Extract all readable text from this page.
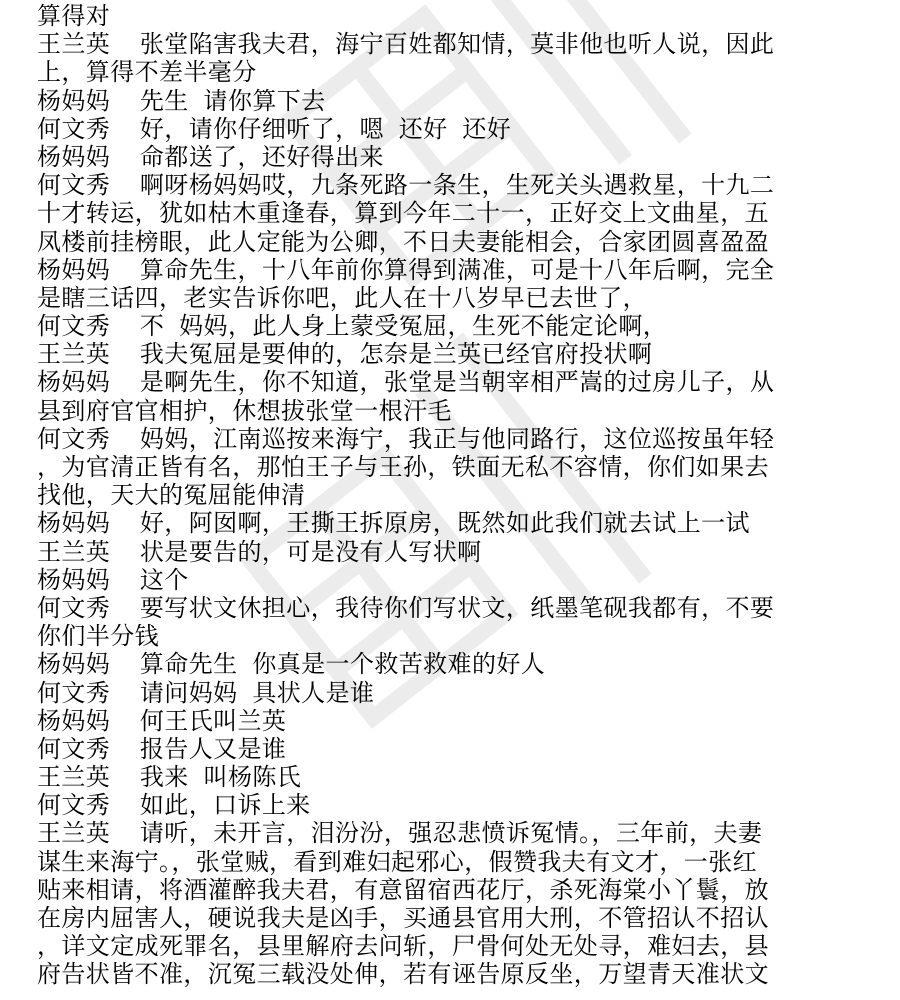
算得对
王兰英  张堂陷害我夫君，海宁百姓都知情，莫非他也听人说，因此
上，算得不差半毫分
杨妈妈  先生 请你算下去
何文秀  好，请你仔细听了，嗯 还好 还好
杨妈妈  命都送了，还好得出来
何文秀  啊呀杨妈妈哎，九条死路一条生，生死关头遇救星，十九二
十才转运，犹如枯木重逢春，算到今年二十一，正好交上文曲星，五
凤楼前挂榜眼，此人定能为公卿，不日夫妻能相会，合家团圆喜盈盈
杨妈妈  算命先生，十八年前你算得到满准，可是十八年后啊，完全
是瞎三话四，老实告诉你吧，此人在十八岁早已去世了，
何文秀  不 妈妈，此人身上蒙受冤屈，生死不能定论啊，
王兰英  我夫冤屈是要伸的，怎奈是兰英已经官府投状啊
杨妈妈  是啊先生，你不知道，张堂是当朝宰相严嵩的过房儿子，从
县到府官官相护，休想拔张堂一根汗毛
何文秀  妈妈，江南巡按来海宁，我正与他同路行，这位巡按虽年轻
，为官清正皆有名，那怕王子与王孙，铁面无私不容情，你们如果去
找他，天大的冤屈能伸清
杨妈妈  好，阿囡啊，王撕王拆原房，既然如此我们就去试上一试
王兰英  状是要告的，可是没有人写状啊
杨妈妈  这个
何文秀  要写状文休担心，我待你们写状文，纸墨笔砚我都有，不要
你们半分钱
杨妈妈  算命先生 你真是一个救苦救难的好人
何文秀  请问妈妈 具状人是谁
杨妈妈  何王氏叫兰英
何文秀  报告人又是谁
王兰英  我来 叫杨陈氏
何文秀  如此，口诉上来
王兰英  请听，未开言，泪汾汾，强忍悲愤诉冤情。，三年前，夫妻
谋生来海宁。，张堂贼，看到难妇起邪心，假赞我夫有文才，一张红
贴来相请，将酒灌醉我夫君，有意留宿西花厅，杀死海棠小丫鬟，放
在房内屈害人，硬说我夫是凶手，买通县官用大刑，不管招认不招认
，详文定成死罪名，县里解府去问斩，尸骨何处无处寻，难妇去，县
府告状皆不准，沉冤三载没处伸，若有诬告原反坐，万望青天准状文
